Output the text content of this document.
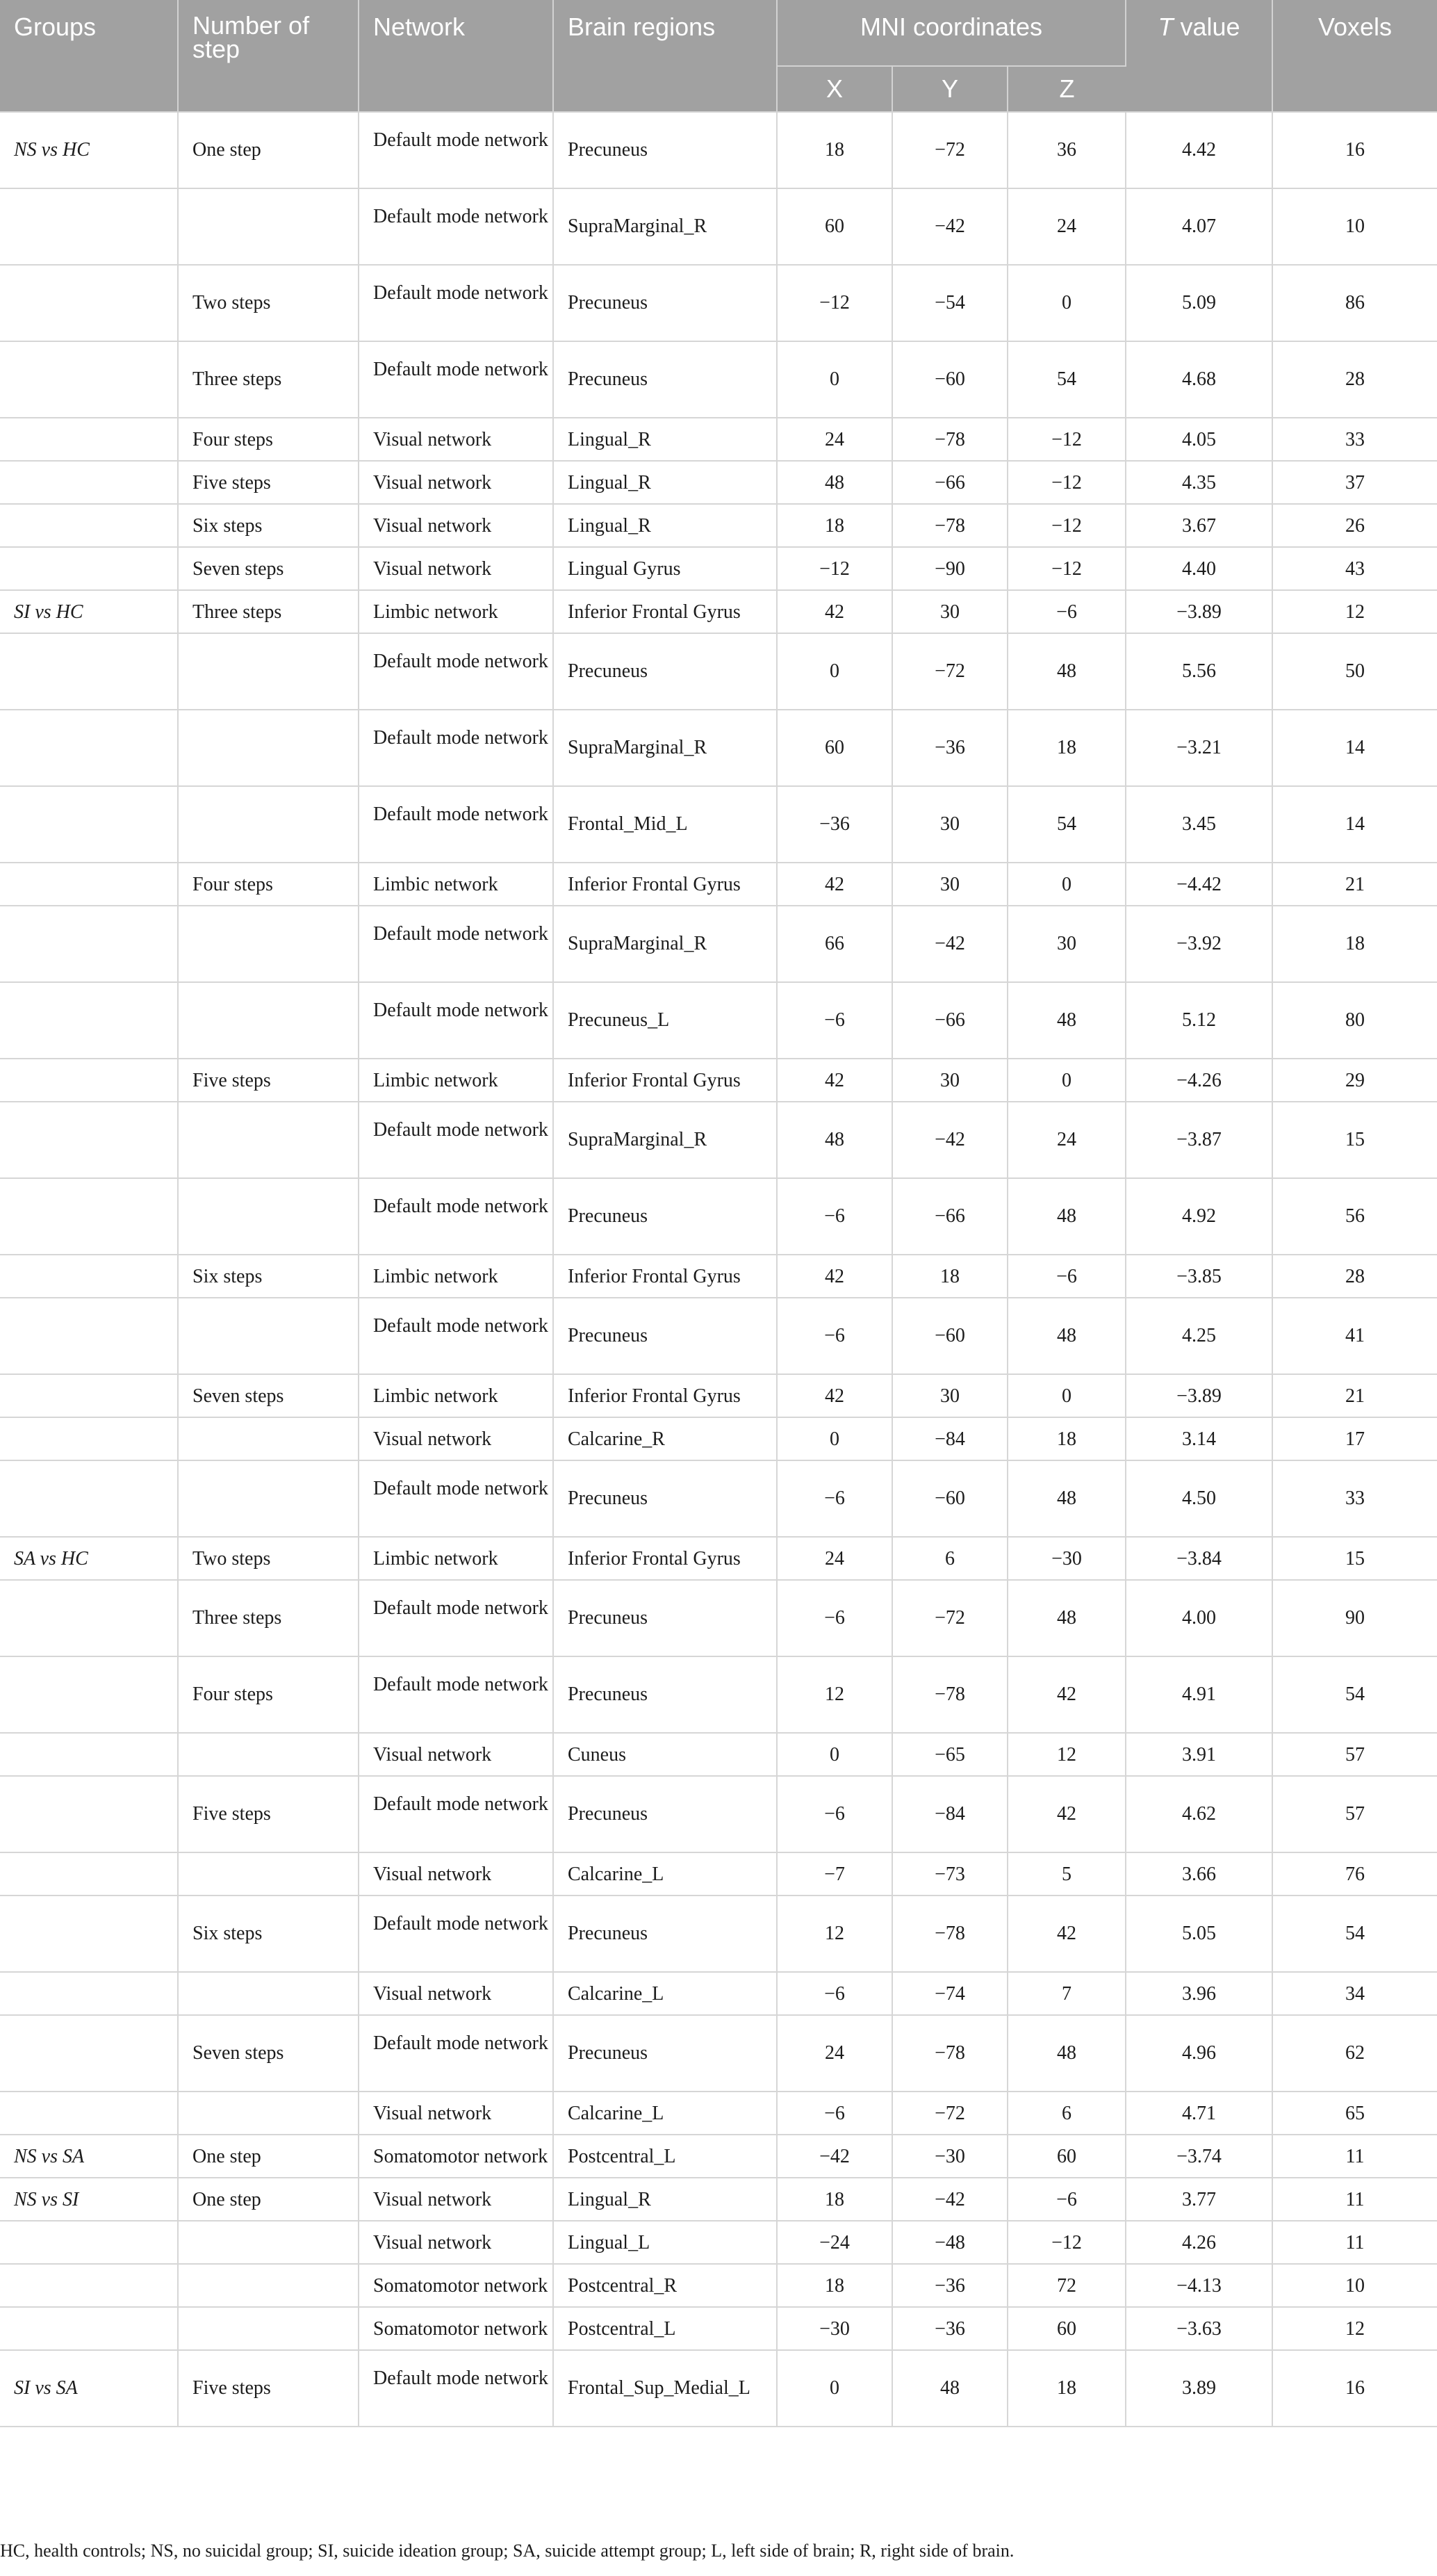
Groups	Number of step	Network	Brain regions	MNI coordinates			T value	Voxels
				X	Y	Z		
NS vs HC	One step	Default mode network	Precuneus	18	−72	36	4.42	16
		Default mode network	SupraMarginal_R	60	−42	24	4.07	10
	Two steps	Default mode network	Precuneus	−12	−54	0	5.09	86
	Three steps	Default mode network	Precuneus	0	−60	54	4.68	28
	Four steps	Visual network	Lingual_R	24	−78	−12	4.05	33
	Five steps	Visual network	Lingual_R	48	−66	−12	4.35	37
	Six steps	Visual network	Lingual_R	18	−78	−12	3.67	26
	Seven steps	Visual network	Lingual Gyrus	−12	−90	−12	4.40	43
SI vs HC	Three steps	Limbic network	Inferior Frontal Gyrus	42	30	−6	−3.89	12
		Default mode network	Precuneus	0	−72	48	5.56	50
		Default mode network	SupraMarginal_R	60	−36	18	−3.21	14
		Default mode network	Frontal_Mid_L	−36	30	54	3.45	14
	Four steps	Limbic network	Inferior Frontal Gyrus	42	30	0	−4.42	21
		Default mode network	SupraMarginal_R	66	−42	30	−3.92	18
		Default mode network	Precuneus_L	−6	−66	48	5.12	80
	Five steps	Limbic network	Inferior Frontal Gyrus	42	30	0	−4.26	29
		Default mode network	SupraMarginal_R	48	−42	24	−3.87	15
		Default mode network	Precuneus	−6	−66	48	4.92	56
	Six steps	Limbic network	Inferior Frontal Gyrus	42	18	−6	−3.85	28
		Default mode network	Precuneus	−6	−60	48	4.25	41
	Seven steps	Limbic network	Inferior Frontal Gyrus	42	30	0	−3.89	21
		Visual network	Calcarine_R	0	−84	18	3.14	17
		Default mode network	Precuneus	−6	−60	48	4.50	33
SA vs HC	Two steps	Limbic network	Inferior Frontal Gyrus	24	6	−30	−3.84	15
	Three steps	Default mode network	Precuneus	−6	−72	48	4.00	90
	Four steps	Default mode network	Precuneus	12	−78	42	4.91	54
		Visual network	Cuneus	0	−65	12	3.91	57
	Five steps	Default mode network	Precuneus	−6	−84	42	4.62	57
		Visual network	Calcarine_L	−7	−73	5	3.66	76
	Six steps	Default mode network	Precuneus	12	−78	42	5.05	54
		Visual network	Calcarine_L	−6	−74	7	3.96	34
	Seven steps	Default mode network	Precuneus	24	−78	48	4.96	62
		Visual network	Calcarine_L	−6	−72	6	4.71	65
NS vs SA	One step	Somatomotor network	Postcentral_L	−42	−30	60	−3.74	11
NS vs SI	One step	Visual network	Lingual_R	18	−42	−6	3.77	11
		Visual network	Lingual_L	−24	−48	−12	4.26	11
		Somatomotor network	Postcentral_R	18	−36	72	−4.13	10
		Somatomotor network	Postcentral_L	−30	−36	60	−3.63	12
SI vs SA	Five steps	Default mode network	Frontal_Sup_Medial_L	0	48	18	3.89	16
HC, health controls; NS, no suicidal group; SI, suicide ideation group; SA, suicide attempt group; L, left side of brain; R, right side of brain.
